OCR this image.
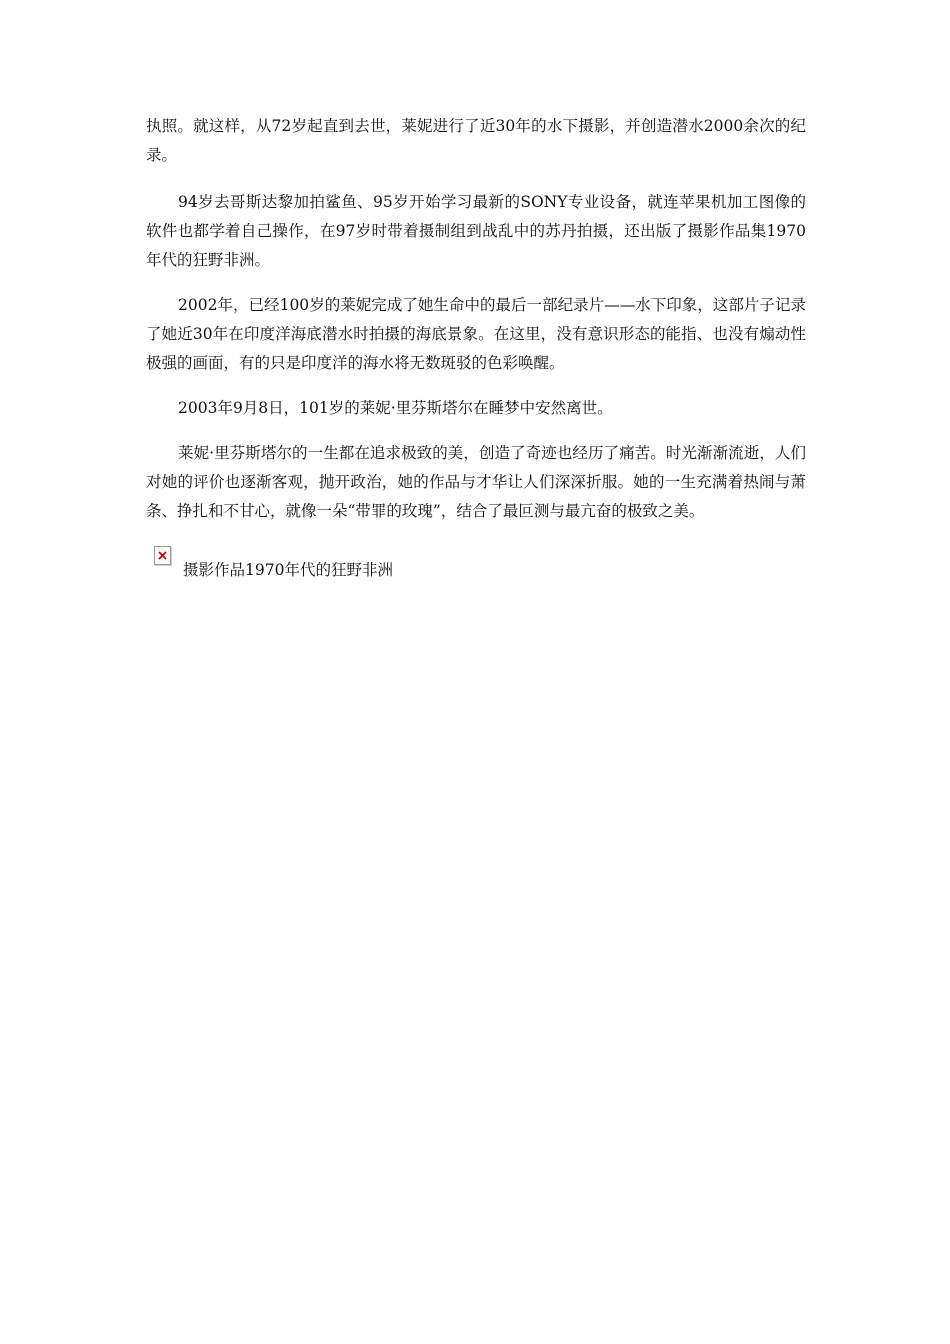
执照。就这样，从72岁起直到去世，莱妮进行了近30年的水下摄影，并创造潜水2000余次的纪录。

94岁去哥斯达黎加拍鲨鱼、95岁开始学习最新的SONY专业设备，就连苹果机加工图像的软件也都学着自己操作，在97岁时带着摄制组到战乱中的苏丹拍摄，还出版了摄影作品集1970年代的狂野非洲。

2002年，已经100岁的莱妮完成了她生命中的最后一部纪录片——水下印象，这部片子记录了她近30年在印度洋海底潜水时拍摄的海底景象。在这里，没有意识形态的能指、也没有煽动性极强的画面，有的只是印度洋的海水将无数斑驳的色彩唤醒。

2003年9月8日，101岁的莱妮·里芬斯塔尔在睡梦中安然离世。

莱妮·里芬斯塔尔的一生都在追求极致的美，创造了奇迹也经历了痛苦。时光渐渐流逝，人们对她的评价也逐渐客观，抛开政治，她的作品与才华让人们深深折服。她的一生充满着热闹与萧条、挣扎和不甘心，就像一朵“带罪的玫瑰”，结合了最叵测与最亢奋的极致之美。

摄影作品1970年代的狂野非洲
